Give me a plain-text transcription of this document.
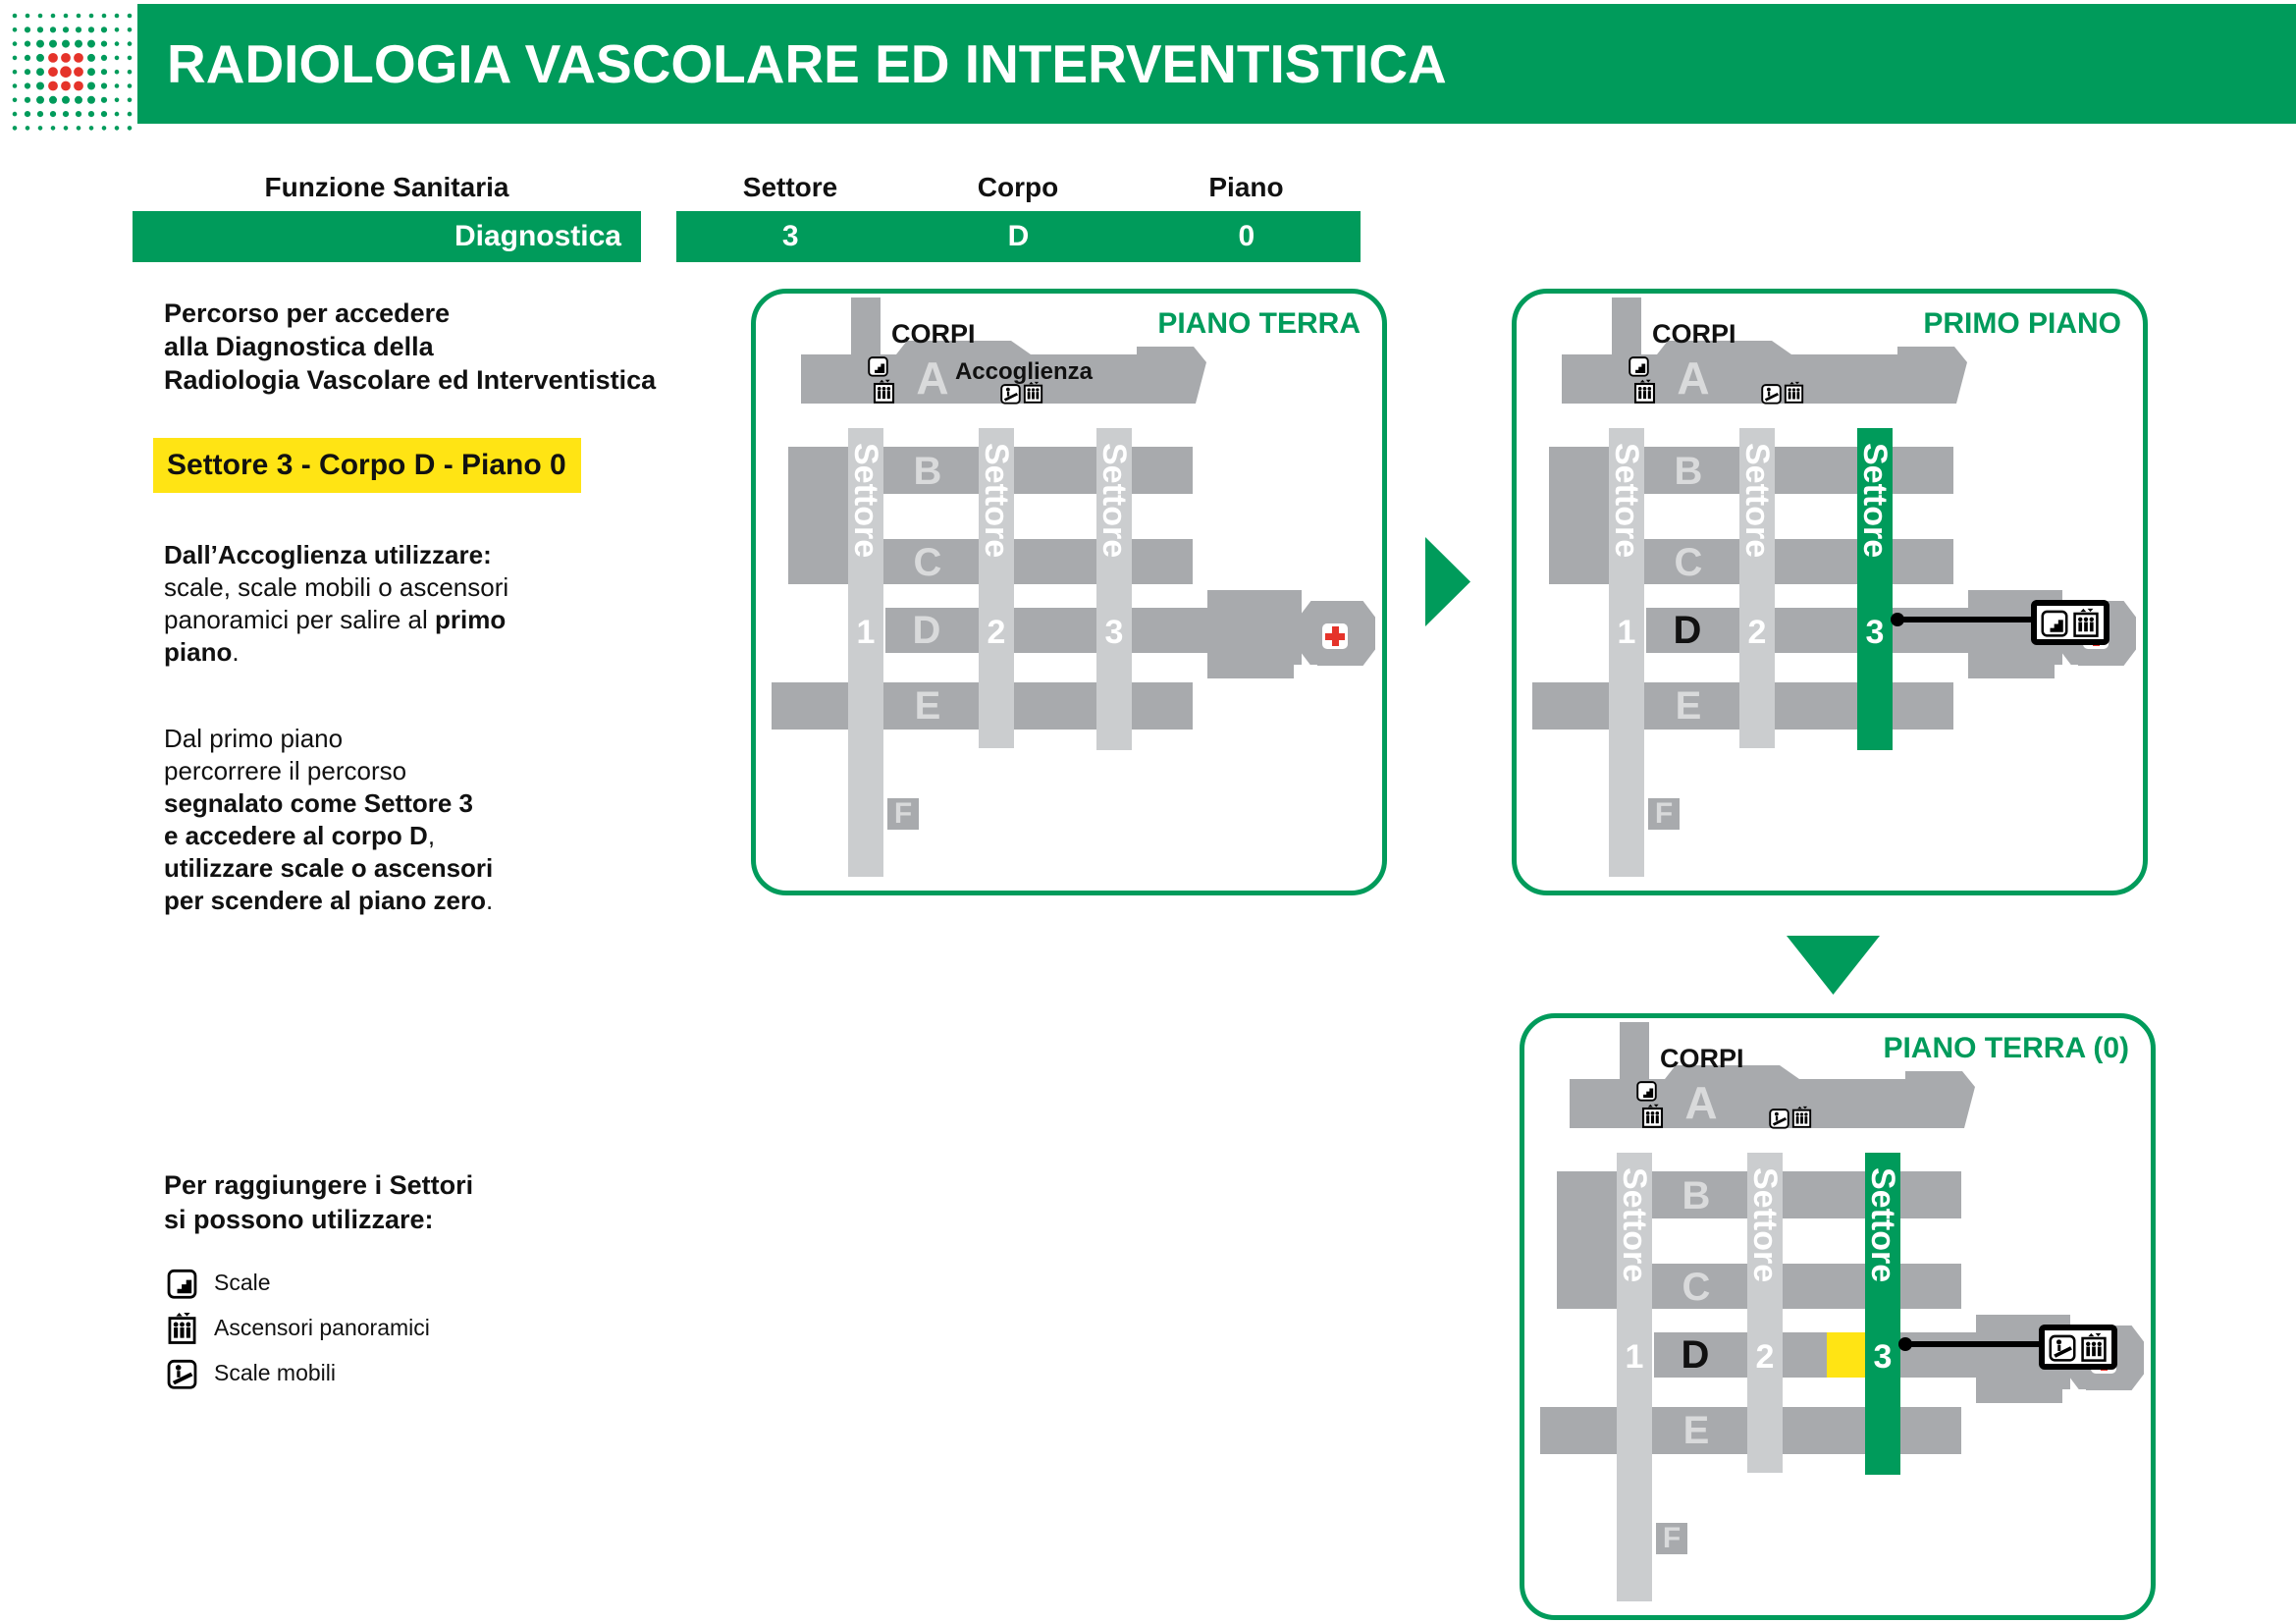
RADIOLOGIA VASCOLARE ED INTERVENTISTICA
Funzione Sanitaria	Settore	Corpo	Piano
Diagnostica	3	D	0
Percorso per accedere
alla Diagnostica della
Radiologia Vascolare ed Interventistica
Settore 3 - Corpo D - Piano 0
Dall’Accoglienza utilizzare:
scale, scale mobili o ascensori
panoramici per salire al primo
piano.
Dal primo piano
percorrere il percorso
segnalato come Settore 3
e accedere al corpo D,
utilizzare scale o ascensori
per scendere al piano zero.
Per raggiungere i Settori
si possono utilizzare:
Scale
Ascensori panoramici
Scale mobili
PIANO TERRA
CORPI
Settore	Settore Settore
1	2	3
A
B
C
D
E
F
Accoglienza
PRIMO PIANO
CORPI
Settore	Settore Settore
1	2	3
A
B
C
D
E
F
PIANO TERRA (0)
CORPI
Settore	Settore Settore
1	2	3
A
B
C
D
E
F
